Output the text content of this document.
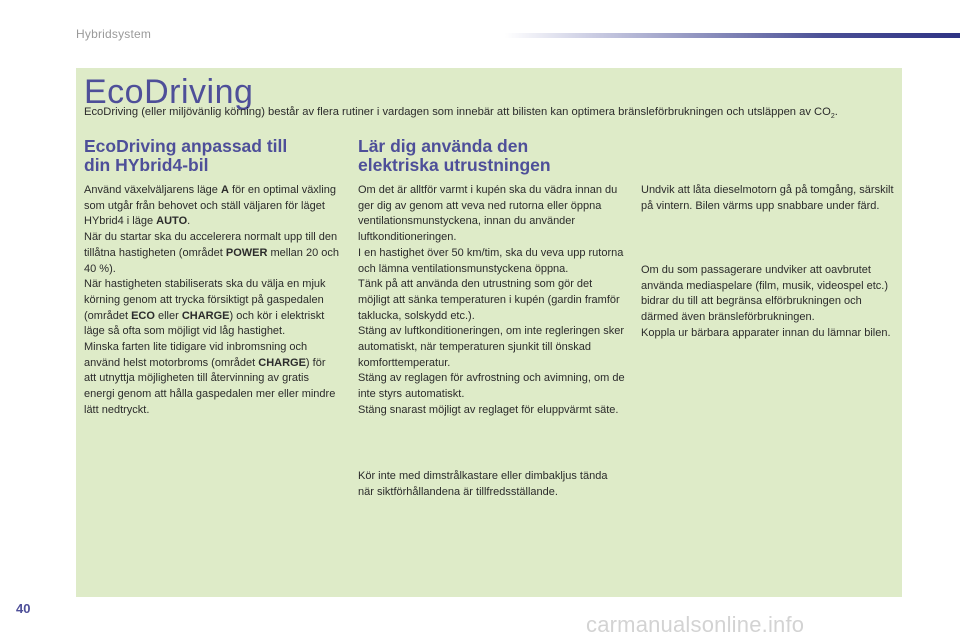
Hybridsystem
EcoDriving

EcoDriving (eller miljövänlig körning) består av flera rutiner i vardagen som innebär att bilisten kan optimera bränsleförbrukningen och utsläppen av $CO_2$.

EcoDriving anpassad till
din HYbrid4-bil
Använd växelväljarens läge A för en optimal växling som utgår från behovet och ställ väljaren för läget HYbrid4 i läge AUTO.
När du startar ska du accelerera normalt upp till den tillåtna hastigheten (området POWER mellan 20 och 40 %).
När hastigheten stabiliserats ska du välja en mjuk körning genom att trycka försiktigt på gaspedalen (området ECO eller CHARGE) och kör i elektriskt läge så ofta som möjligt vid låg hastighet.
Minska farten lite tidigare vid inbromsning och använd helst motorbroms (området CHARGE) för att utnyttja möjligheten till återvinning av gratis energi genom att hålla gaspedalen mer eller mindre lätt nedtryckt.
Lär dig använda den
elektriska utrustningen
Om det är alltför varmt i kupén ska du vädra innan du ger dig av genom att veva ned rutorna eller öppna ventilationsmunstyckena, innan du använder luftkonditioneringen.
I en hastighet över 50 km/tim, ska du veva upp rutorna och lämna ventilationsmunstyckena öppna.
Tänk på att använda den utrustning som gör det möjligt att sänka temperaturen i kupén (gardin framför taklucka, solskydd etc.).
Stäng av luftkonditioneringen, om inte regleringen sker automatiskt, när temperaturen sjunkit till önskad komforttemperatur.
Stäng av reglagen för avfrostning och avimning, om de inte styrs automatiskt.
Stäng snarast möjligt av reglaget för eluppvärmt säte.
Kör inte med dimstrålkastare eller dimbakljus tända när siktförhållandena är tillfredsställande.
Undvik att låta dieselmotorn gå på tomgång, särskilt på vintern. Bilen värms upp snabbare under färd.
Om du som passagerare undviker att oavbrutet använda mediaspelare (film, musik, videospel etc.) bidrar du till att begränsa elförbrukningen och därmed även bränsleförbrukningen.
Koppla ur bärbara apparater innan du lämnar bilen.
40
carmanualsonline.info
